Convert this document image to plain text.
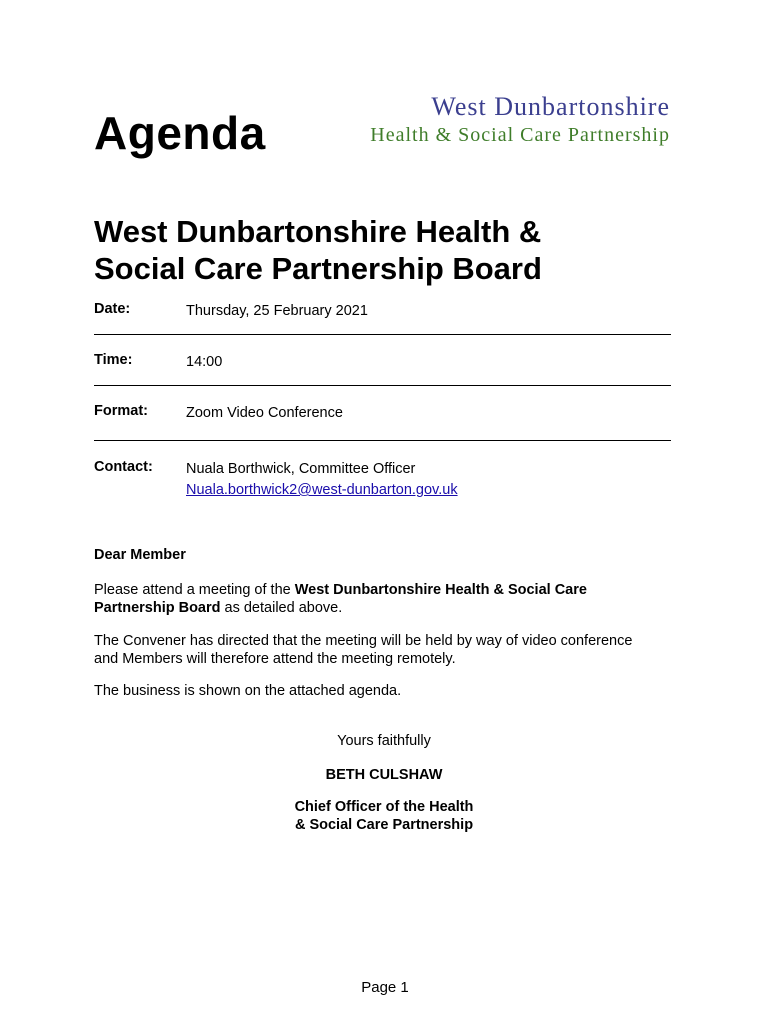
Agenda
West Dunbartonshire
Health & Social Care Partnership
West Dunbartonshire Health &
Social Care Partnership Board
Date:	Thursday, 25 February 2021
Time:	14:00
Format:	Zoom Video Conference
Contact: Nuala Borthwick, Committee Officer
Nuala.borthwick2@west-dunbarton.gov.uk
Dear Member
Please attend a meeting of the West Dunbartonshire Health & Social Care
Partnership Board as detailed above.
The Convener has directed that the meeting will be held by way of video conference
and Members will therefore attend the meeting remotely.
The business is shown on the attached agenda.
Yours faithfully
BETH CULSHAW
Chief Officer of the Health
& Social Care Partnership
Page 1
